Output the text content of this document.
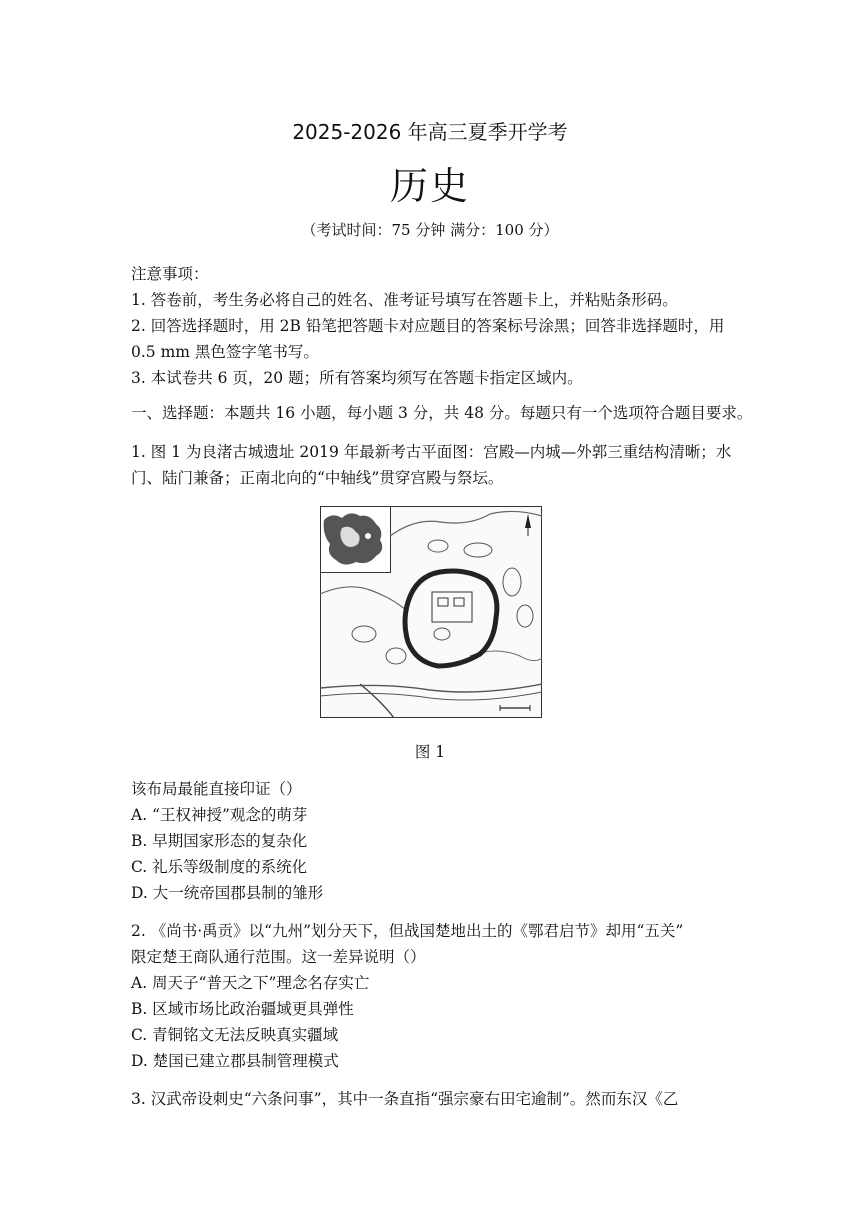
2025-2026 年高三夏季开学考
历史
（考试时间：75 分钟 满分：100 分）
注意事项：
1. 答卷前，考生务必将自己的姓名、准考证号填写在答题卡上，并粘贴条形码。
2. 回答选择题时，用 2B 铅笔把答题卡对应题目的答案标号涂黑；回答非选择题时，用
0.5 mm 黑色签字笔书写。
3. 本试卷共 6 页，20 题；所有答案均须写在答题卡指定区域内。
一、选择题：本题共 16 小题，每小题 3 分，共 48 分。每题只有一个选项符合题目要求。
1. 图 1 为良渚古城遗址 2019 年最新考古平面图：宫殿—内城—外郭三重结构清晰；水
门、陆门兼备；正南北向的“中轴线”贯穿宫殿与祭坛。
图 1
该布局最能直接印证（）
A. “王权神授”观念的萌芽
B. 早期国家形态的复杂化
C. 礼乐等级制度的系统化
D. 大一统帝国郡县制的雏形
2. 《尚书·禹贡》以“九州”划分天下，但战国楚地出土的《鄂君启节》却用“五关”
限定楚王商队通行范围。这一差异说明（）
A. 周天子“普天之下”理念名存实亡
B. 区域市场比政治疆域更具弹性
C. 青铜铭文无法反映真实疆域
D. 楚国已建立郡县制管理模式
3. 汉武帝设刺史“六条问事”，其中一条直指“强宗豪右田宅逾制”。然而东汉《乙
